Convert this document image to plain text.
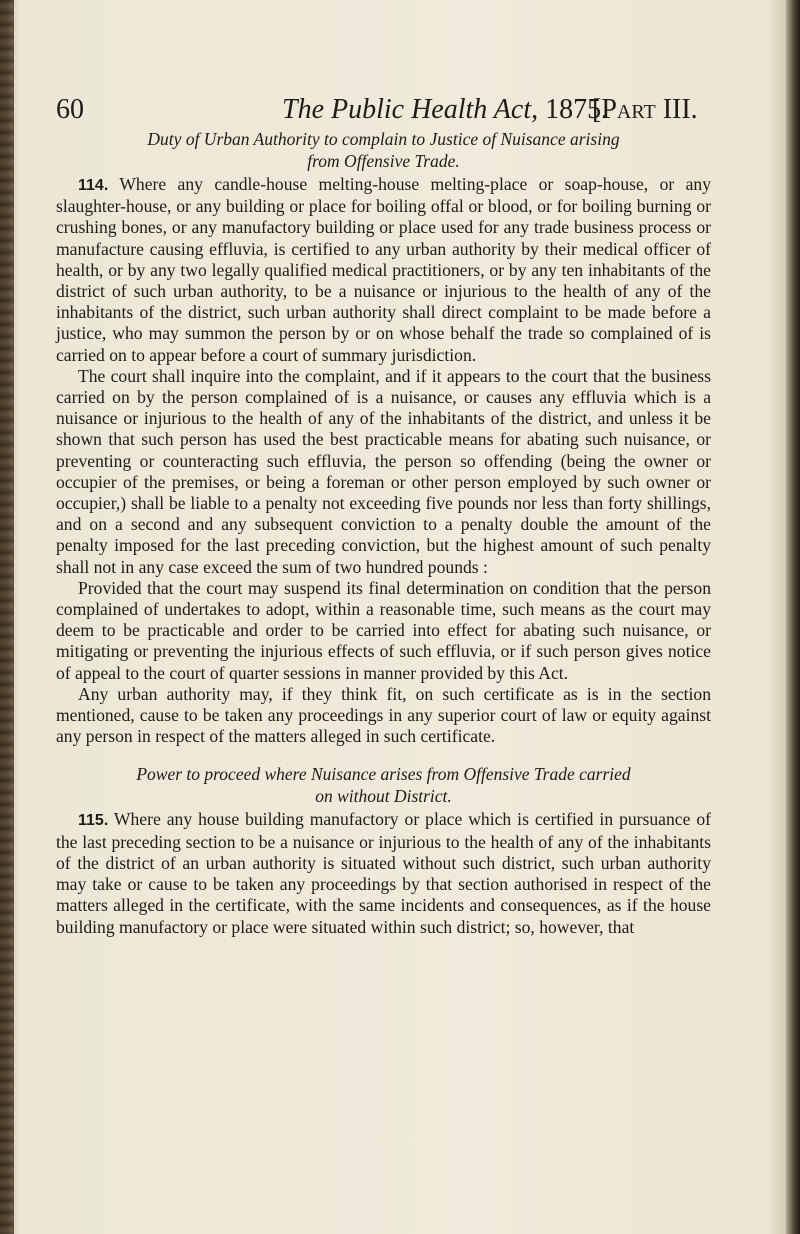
60	The Public Health Act, 1875.
[Part III.
Duty of Urban Authority to complain to Justice of Nuisance arising
from Offensive Trade.

114. Where any candle-house melting-house melting-place or soap-house, or any slaughter-house, or any building or place for boiling offal or blood, or for boiling burning or crushing bones, or any manufactory building or place used for any trade business process or manufacture causing effluvia, is certified to any urban authority by their medical officer of health, or by any two legally qualified medical practitioners, or by any ten inhabitants of the district of such urban authority, to be a nuisance or injurious to the health of any of the inhabitants of the district, such urban authority shall direct complaint to be made before a justice, who may summon the person by or on whose behalf the trade so complained of is carried on to appear before a court of summary jurisdiction.

The court shall inquire into the complaint, and if it appears to the court that the business carried on by the person complained of is a nuisance, or causes any effluvia which is a nuisance or injurious to the health of any of the inhabitants of the district, and unless it be shown that such person has used the best practicable means for abating such nuisance, or preventing or counteracting such effluvia, the person so offending (being the owner or occupier of the premises, or being a foreman or other person employed by such owner or occupier,) shall be liable to a penalty not exceeding five pounds nor less than forty shillings, and on a second and any subsequent conviction to a penalty double the amount of the penalty imposed for the last preceding conviction, but the highest amount of such penalty shall not in any case exceed the sum of two hundred pounds :

Provided that the court may suspend its final determination on condition that the person complained of undertakes to adopt, within a reasonable time, such means as the court may deem to be practicable and order to be carried into effect for abating such nuisance, or mitigating or preventing the injurious effects of such effluvia, or if such person gives notice of appeal to the court of quarter sessions in manner provided by this Act.

Any urban authority may, if they think fit, on such certificate as is in the section mentioned, cause to be taken any proceedings in any superior court of law or equity against any person in respect of the matters alleged in such certificate.

Power to proceed where Nuisance arises from Offensive Trade carried
on without District.

115. Where any house building manufactory or place which is certified in pursuance of the last preceding section to be a nuisance or injurious to the health of any of the inhabitants of the district of an urban authority is situated without such district, such urban authority may take or cause to be taken any proceedings by that section authorised in respect of the matters alleged in the certificate, with the same incidents and consequences, as if the house building manufactory or place were situated within such district; so, however, that
